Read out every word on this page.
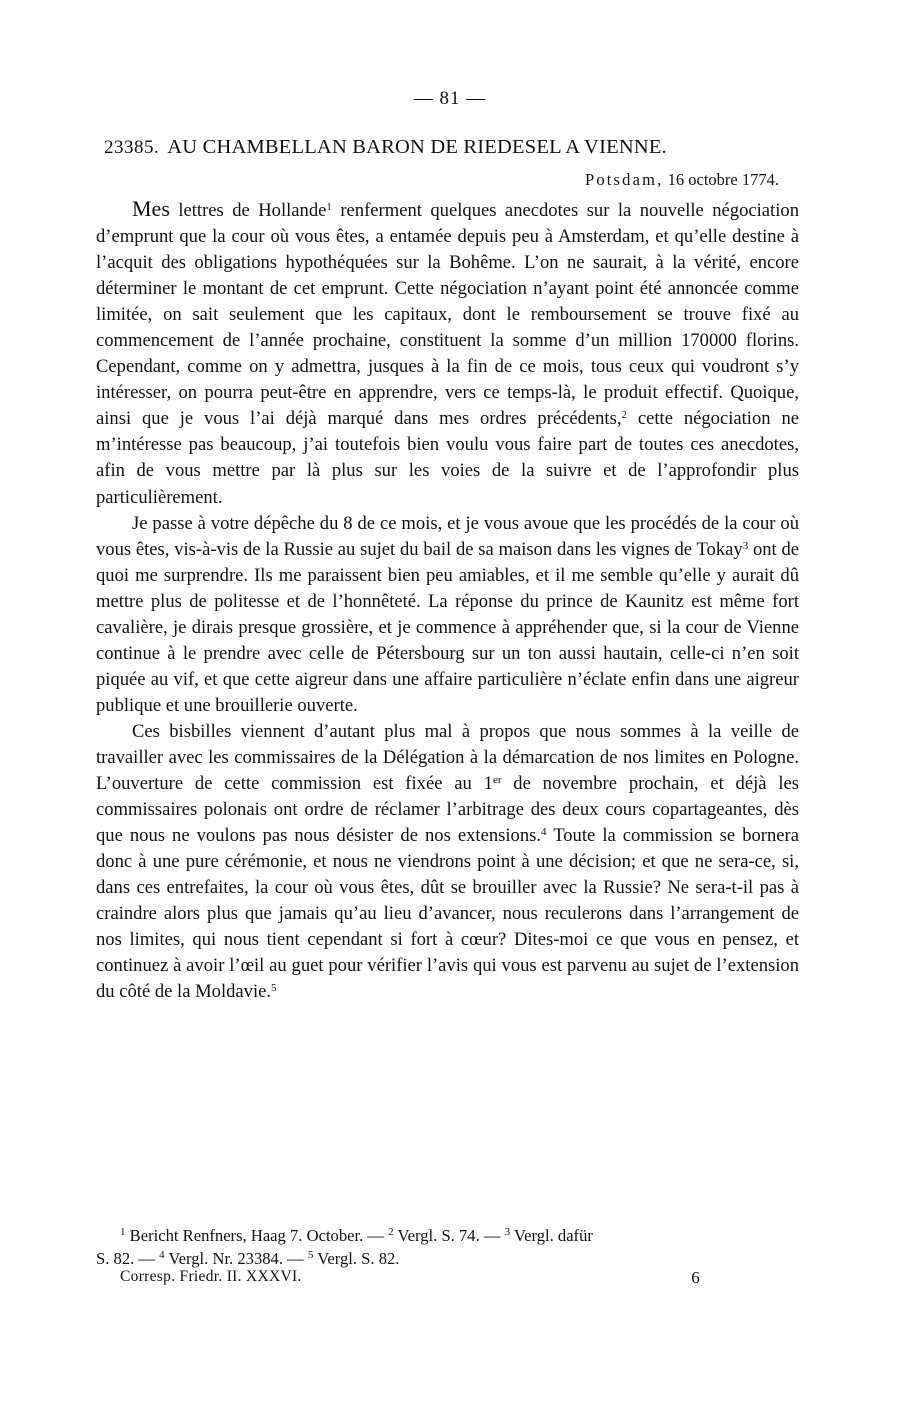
— 81 —
23385. AU CHAMBELLAN BARON DE RIEDESEL A VIENNE.
Potsdam, 16 octobre 1774.

Mes lettres de Hollande$^1$ renferment quelques anecdotes sur la nouvelle négociation d’emprunt que la cour où vous êtes, a entamée depuis peu à Amsterdam, et qu’elle destine à l’acquit des obligations hypothéquées sur la Bohême. L’on ne saurait, à la vérité, encore déterminer le montant de cet emprunt. Cette négociation n’ayant point été annoncée comme limitée, on sait seulement que les capitaux, dont le remboursement se trouve fixé au commencement de l’année prochaine, constituent la somme d’un million 170000 florins. Cependant, comme on y admettra, jusques à la fin de ce mois, tous ceux qui voudront s’y intéresser, on pourra peut-être en apprendre, vers ce temps-là, le produit effectif. Quoique, ainsi que je vous l’ai déjà marqué dans mes ordres précédents,$^2$ cette négociation ne m’intéresse pas beaucoup, j’ai toutefois bien voulu vous faire part de toutes ces anecdotes, afin de vous mettre par là plus sur les voies de la suivre et de l’approfondir plus particulièrement.

Je passe à votre dépêche du 8 de ce mois, et je vous avoue que les procédés de la cour où vous êtes, vis-à-vis de la Russie au sujet du bail de sa maison dans les vignes de Tokay$^3$ ont de quoi me surprendre. Ils me paraissent bien peu amiables, et il me semble qu’elle y aurait dû mettre plus de politesse et de l’honnêteté. La réponse du prince de Kaunitz est même fort cavalière, je dirais presque grossière, et je commence à appréhender que, si la cour de Vienne continue à le prendre avec celle de Pétersbourg sur un ton aussi hautain, celle-ci n’en soit piquée au vif, et que cette aigreur dans une affaire particulière n’éclate enfin dans une aigreur publique et une brouillerie ouverte.

Ces bisbilles viennent d’autant plus mal à propos que nous sommes à la veille de travailler avec les commissaires de la Délégation à la démarcation de nos limites en Pologne. L’ouverture de cette commission est fixée au 1er de novembre prochain, et déjà les commissaires polonais ont ordre de réclamer l’arbitrage des deux cours copartageantes, dès que nous ne voulons pas nous désister de nos extensions.$^4$ Toute la commission se bornera donc à une pure cérémonie, et nous ne viendrons point à une décision; et que ne sera-ce, si, dans ces entrefaites, la cour où vous êtes, dût se brouiller avec la Russie? Ne sera-t-il pas à craindre alors plus que jamais qu’au lieu d’avancer, nous reculerons dans l’arrangement de nos limites, qui nous tient cependant si fort à cœur? Dites-moi ce que vous en pensez, et continuez à avoir l’œil au guet pour vérifier l’avis qui vous est parvenu au sujet de l’extension du côté de la Moldavie.$^5$

$^1$ Bericht Renfners, Haag 7. October. — $^2$ Vergl. S. 74. — $^3$ Vergl. dafür

S. 82. — $^4$ Vergl. Nr. 23384. — $^5$ Vergl. S. 82.

Corresp. Friedr. II. XXXVI.	6
